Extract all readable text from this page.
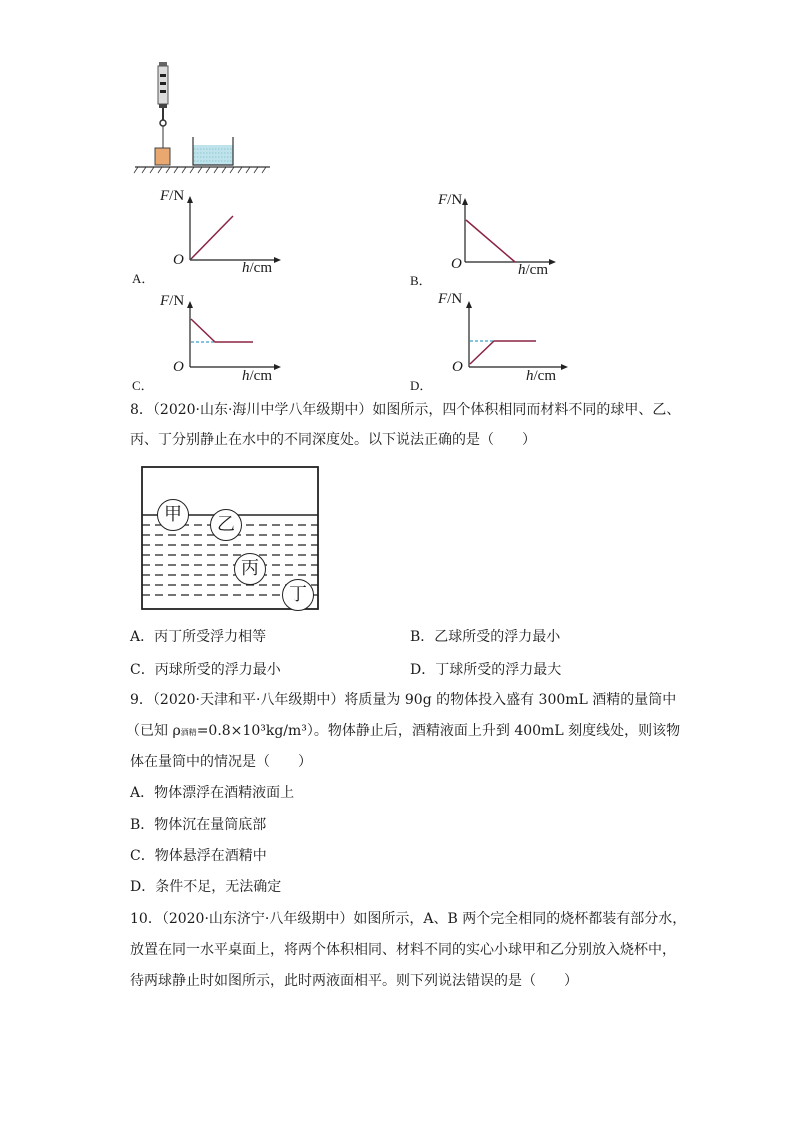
A．
F/N
O	h/cm
B．
F/N
O	h/cm
C．
F/N
O
h/cm
D．
F/N
O
h/cm
8．（2020·山东·海川中学八年级期中）如图所示，四个体积相同而材料不同的球甲、乙、
丙、丁分别静止在水中的不同深度处。以下说法正确的是（　　）
甲	乙
丙
丁
A．丙丁所受浮力相等	B．乙球所受的浮力最小
C．丙球所受的浮力最小	D．丁球所受的浮力最大
9．（2020·天津和平·八年级期中）将质量为 90g 的物体投入盛有 300mL 酒精的量筒中
（已知 ρ酒精=0.8×10³kg/m³）。物体静止后，酒精液面上升到 400mL 刻度线处，则该物
体在量筒中的情况是（　　）
A．物体漂浮在酒精液面上
B．物体沉在量筒底部
C．物体悬浮在酒精中
D．条件不足，无法确定
10．（2020·山东济宁·八年级期中）如图所示，A、B 两个完全相同的烧杯都装有部分水，
放置在同一水平桌面上，将两个体积相同、材料不同的实心小球甲和乙分别放入烧杯中，
待两球静止时如图所示，此时两液面相平。则下列说法错误的是（　　）
